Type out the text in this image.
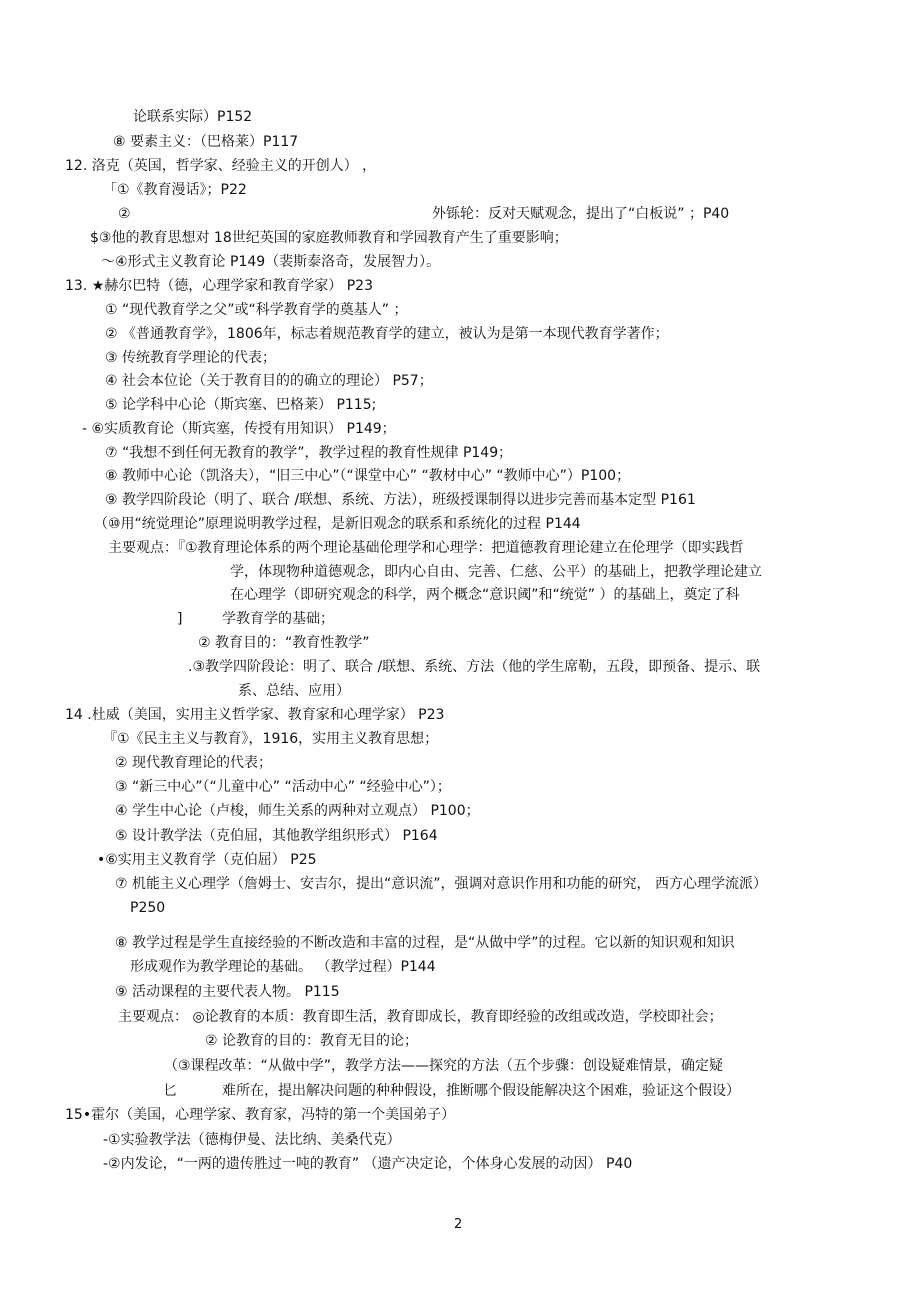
论联系实际）P152
⑧ 要素主义：（巴格莱）P117
12. 洛克（英国，哲学家、经验主义的开创人） ，
「①《教育漫话》；P22
②	外铄轮：反对天赋观念，提出了“白板说” ；P40
$③他的教育思想对 18世纪英国的家庭教师教育和学园教育产生了重要影响；
～④形式主义教育论 P149（裴斯泰洛奇，发展智力）。
13. ★赫尔巴特（德，心理学家和教育学家） P23
① “现代教育学之父”或“科学教育学的奠基人” ；
② 《普通教育学》，1806年，标志着规范教育学的建立，被认为是第一本现代教育学著作；
③ 传统教育学理论的代表；
④ 社会本位论（关于教育目的的确立的理论） P57；
⑤ 论学科中心论（斯宾塞、巴格莱） P115;
- ⑥实质教育论（斯宾塞，传授有用知识） P149；
⑦ “我想不到任何无教育的教学”，教学过程的教育性规律 P149；
⑧ 教师中心论（凯洛夫），“旧三中心”（“课堂中心” “教材中心” “教师中心”）P100；
⑨ 教学四阶段论（明了、联合 /联想、系统、方法），班级授课制得以进步完善而基本定型 P161
（⑩用“统觉理论”原理说明教学过程，是新旧观念的联系和系统化的过程 P144
主要观点：『①教育理论体系的两个理论基础伦理学和心理学：把道德教育理论建立在伦理学（即实践哲
学，体现物种道德观念，即内心自由、完善、仁慈、公平）的基础上，把教学理论建立
在心理学（即研究观念的科学，两个概念“意识阈”和“统觉” ）的基础上，奠定了科
]	学教育学的基础；
② 教育目的：“教育性教学”
.③教学四阶段论：明了、联合 /联想、系统、方法（他的学生席勒，五段，即预备、提示、联
系、总结、应用）
14 .杜威（美国，实用主义哲学家、教育家和心理学家） P23
『①《民主主义与教育》，1916，实用主义教育思想；
② 现代教育理论的代表；
③ “新三中心”（“儿童中心” “活动中心” “经验中心”）；
④ 学生中心论（卢梭，师生关系的两种对立观点） P100；
⑤ 设计教学法（克伯屈，其他教学组织形式） P164
•⑥实用主义教育学（克伯屈） P25
⑦ 机能主义心理学（詹姆士、安吉尔，提出“意识流”，强调对意识作用和功能的研究， 西方心理学流派）
P250
⑧ 教学过程是学生直接经验的不断改造和丰富的过程，是“从做中学”的过程。它以新的知识观和知识
形成观作为教学理论的基础。 （教学过程）P144
⑨ 活动课程的主要代表人物。 P115
主要观点： ◎论教育的本质：教育即生活，教育即成长，教育即经验的改组或改造，学校即社会；
② 论教育的目的：教育无目的论；
（③课程改革：“从做中学”，教学方法——探究的方法（五个步骤：创设疑难情景，确定疑
匕	难所在，提出解决问题的种种假设，推断哪个假设能解决这个困难，验证这个假设）
15•霍尔（美国，心理学家、教育家，冯特的第一个美国弟子）
-①实验教学法（德梅伊曼、法比纳、美桑代克）
-②内发论，“一两的遗传胜过一吨的教育” （遗产决定论，个体身心发展的动因） P40
2
